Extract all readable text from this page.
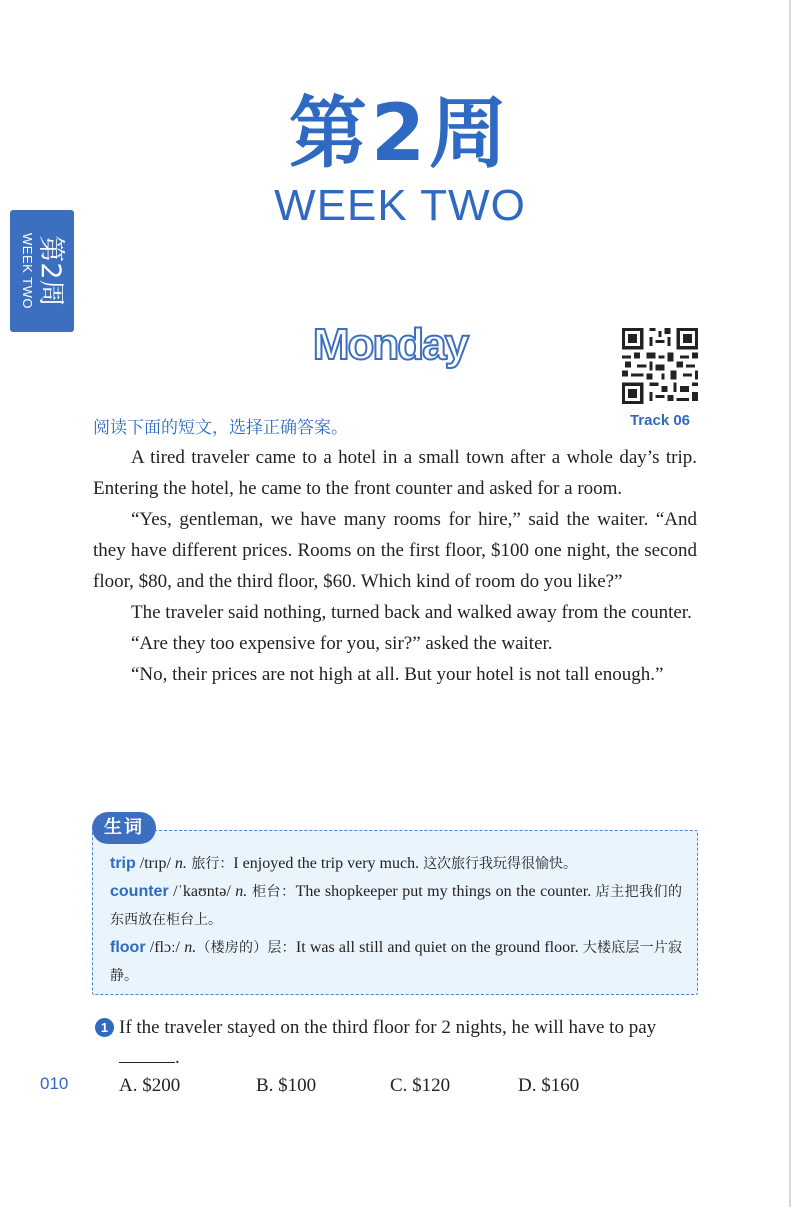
第2周
WEEK TWO
第2周
WEEK TWO
Monday
Track 06
阅读下面的短文，选择正确答案。

A tired traveler came to a hotel in a small town after a whole day’s trip. Entering the hotel, he came to the front counter and asked for a room.

“Yes, gentleman, we have many rooms for hire,” said the waiter. “And they have different prices. Rooms on the first floor, $100 one night, the second floor, $80, and the third floor, $60. Which kind of room do you like?”

The traveler said nothing, turned back and walked away from the counter.

“Are they too expensive for you, sir?” asked the waiter.

“No, their prices are not high at all. But your hotel is not tall enough.”

生词
trip /trɪp/ n. 旅行：I enjoyed the trip very much. 这次旅行我玩得很愉快。
counter /ˈkaʊntə/ n. 柜台：The shopkeeper put my things on the counter. 店主把我们的东西放在柜台上。
floor /flɔː/ n.（楼房的）层：It was all still and quiet on the ground floor. 大楼底层一片寂静。
1 If the traveler stayed on the third floor for 2 nights, he will have to pay
.
A. $200	B. $100	C. $120	D. $160
010
